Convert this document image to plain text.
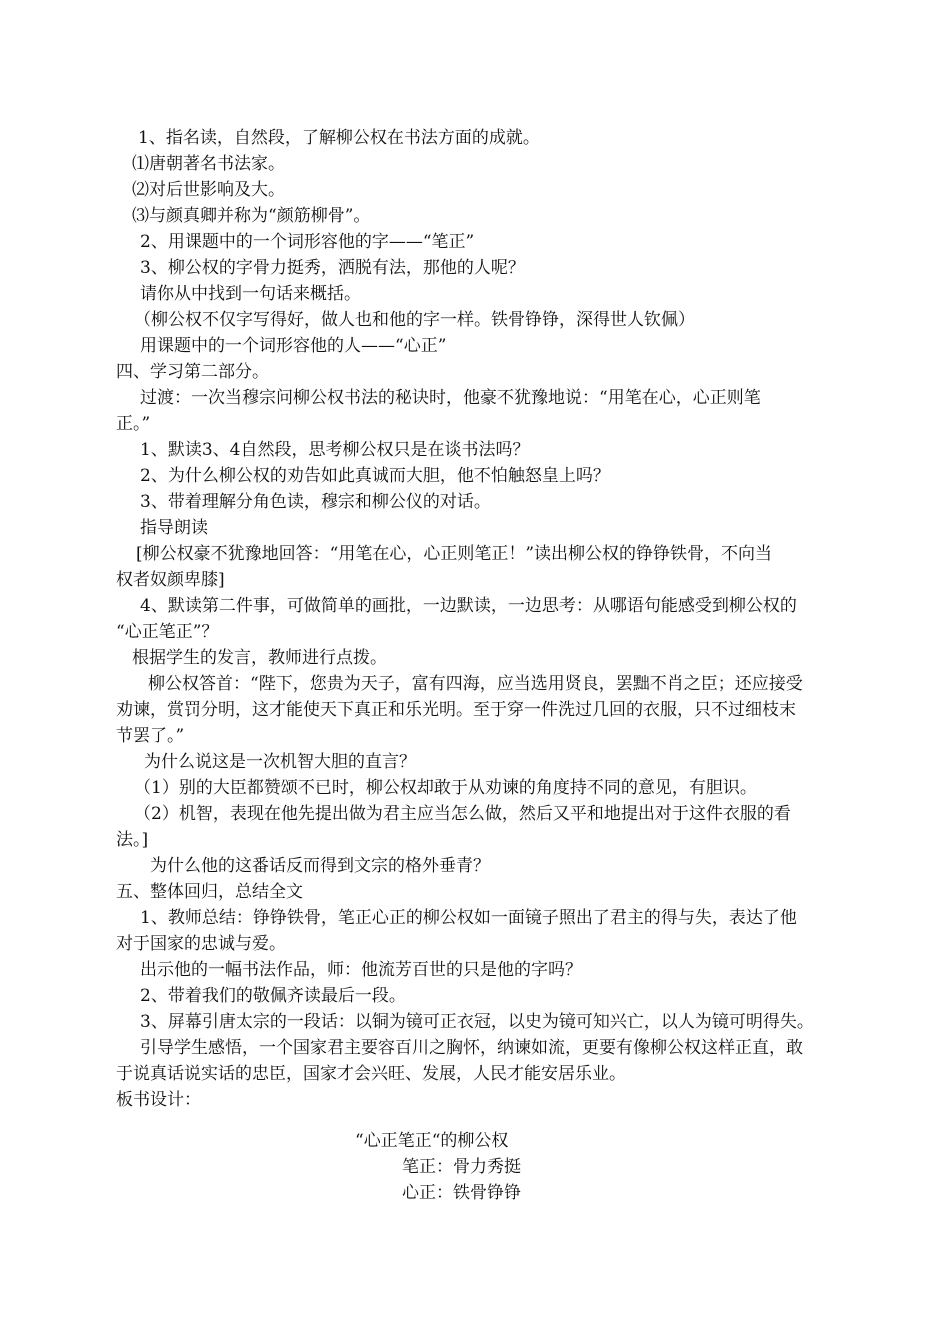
1、指名读，自然段，了解柳公权在书法方面的成就。
⑴唐朝著名书法家。
⑵对后世影响及大。
⑶与颜真卿并称为“颜筋柳骨”。
2、用课题中的一个词形容他的字——“笔正”
3、柳公权的字骨力挺秀，洒脱有法，那他的人呢？
请你从中找到一句话来概括。
（柳公权不仅字写得好，做人也和他的字一样。铁骨铮铮，深得世人钦佩）
用课题中的一个词形容他的人——“心正”
四、学习第二部分。
过渡：一次当穆宗问柳公权书法的秘诀时，他豪不犹豫地说：“用笔在心，心正则笔
正。”
1、默读3、4自然段，思考柳公权只是在谈书法吗？
2、为什么柳公权的劝告如此真诚而大胆，他不怕触怒皇上吗？
3、带着理解分角色读，穆宗和柳公仪的对话。
指导朗读
[柳公权豪不犹豫地回答：“用笔在心，心正则笔正！”读出柳公权的铮铮铁骨，不向当
权者奴颜卑膝]
4、默读第二件事，可做简单的画批，一边默读，一边思考：从哪语句能感受到柳公权的
“心正笔正”？
根据学生的发言，教师进行点拨。
柳公权答首：“陛下，您贵为天子，富有四海，应当选用贤良，罢黜不肖之臣；还应接受
劝谏，赏罚分明，这才能使天下真正和乐光明。至于穿一件洗过几回的衣服，只不过细枝末
节罢了。”
为什么说这是一次机智大胆的直言？
（1）别的大臣都赞颂不已时，柳公权却敢于从劝谏的角度持不同的意见，有胆识。
（2）机智，表现在他先提出做为君主应当怎么做，然后又平和地提出对于这件衣服的看
法。]
为什么他的这番话反而得到文宗的格外垂青？
五、整体回归，总结全文
1、教师总结：铮铮铁骨，笔正心正的柳公权如一面镜子照出了君主的得与失，表达了他
对于国家的忠诚与爱。
出示他的一幅书法作品，师：他流芳百世的只是他的字吗？
2、带着我们的敬佩齐读最后一段。
3、屏幕引唐太宗的一段话：以铜为镜可正衣冠，以史为镜可知兴亡，以人为镜可明得失。
引导学生感悟，一个国家君主要容百川之胸怀，纳谏如流，更要有像柳公权这样正直，敢
于说真话说实话的忠臣，国家才会兴旺、发展，人民才能安居乐业。
板书设计：
“心正笔正“的柳公权
笔正：骨力秀挺
心正：铁骨铮铮
